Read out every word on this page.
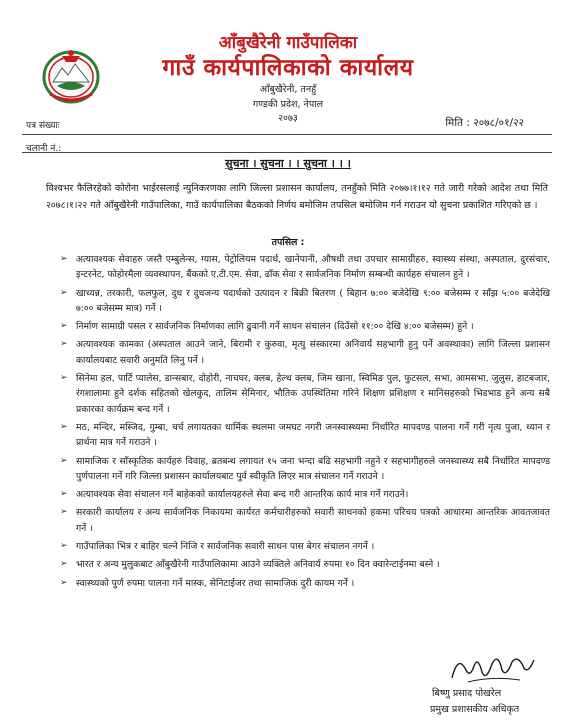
आँबुखैरेनी गाउँपालिका
गाउँ कार्यपालिकाको कार्यालय
आँबुखैरेनी, तनहुँ
गण्डकी प्रदेश, नेपाल
२०७३
पत्र संख्याः	मिति : २०७८/०१/२२
चलानी नं.:
सुचना । सुचना । । सुचना । । ।

विश्वभर फैलिरहेको कोरोना भाईरसलाई न्युनिकरणका लागि जिल्ला प्रशासन कार्यालय, तनहुँको मिति २०७७।१।१२ गते जारी गरेको आदेश तथा मिति २०७८।१।२२ गते आँबुखैरेनी गाउँपालिका, गाउँ कार्यपालिका बैठकको निर्णय बमोजिम तपसिल बमोजिम गर्न गराउन यो सुचना प्रकाशित गरिएको छ ।

तपसिल :
➢ अत्यावश्यक सेवाहरु जस्तै एम्बुलेन्स, ग्यास, पेट्रोलियम पदार्थ, खानेपानी, औषधी तथा उपचार सामाग्रीहरु, स्वास्थ्य संस्था, अस्पताल, दुरसंचार, इन्टरनेट, फोहोरमैला व्यवस्थापन, बैंकको ए.टी.एम. सेवा, ढाँक सेवा र सार्वजनिक निर्माण सम्बन्धी कार्यहरु संचालन हुने ।
➢ खाध्यन्न, तरकारी, फलफुल, दुध र दुधजन्य पदार्थको उत्पादन र बिक्री बितरण ( बिहान ७:०० बजेदेखि ९:०० बजेसम्म र साँझ ५:०० बजेदेखि ७:०० बजेसम्म मात्र) गर्ने ।
➢ निर्माण सामाग्री पसल र सार्वजनिक निर्माणका लागि ढुवानी गर्ने साधन संचालन (दिउँसो ११:०० देखि ४:०० बजेसम्म) हुने ।
➢ अत्यावश्यक कामका (अस्पताल आउने जाने, बिरामी र कुरुवा, मृत्यु संस्कारमा अनिवार्य सहभागी हुनु पर्ने अवस्थाका) लागि जिल्ला प्रशासन कार्यालयबाट सवारी अनुमति लिनु पर्ने ।
➢ सिनेमा हल, पार्टि प्यालेस, डान्सबार, दोहोरी, नाचघर, क्लब, हेल्थ क्लब, जिम खाना, स्विमिङ पुल, फुटसल, सभा, आमसभा, जुलुस, हाटबजार, रंगशालामा हुने दर्शक सहितको खेलकुद, तालिम सेमिनार, भौतिक उपस्थितिमा गरिने शिक्षण प्रशिक्षण र मानिसहरुको भिडभाड हुने अन्य सबै प्रकारका कार्यक्रम बन्द गर्ने ।
➢ मठ, मन्दिर, मस्जिद, गुम्बा, चर्च लगायतका धार्मिक स्थलमा जमघट नगरी जनस्वास्थ्यमा निर्धारित मापदण्ड पालना गर्ने गरी नृत्य पुजा, ध्यान र प्रार्थना मात्र गर्ने गराउने ।
➢ सामाजिक र साँस्कृतिक कार्यहरु विवाह, ब्रतबन्ध लगायत १५ जना भन्दा बढि सहभागी नहुने र सहभागीहरुले जनस्वास्थ्य सबै निर्धारित मापदण्ड पुर्णपालना गर्ने गरि जिल्ला प्रशासन कार्यालयबाट पुर्व स्वीकृति लिएर मात्र संचालन गर्ने गराउने ।
➢ अत्यावश्यक सेवा संचालन गर्ने बाहेकको कार्यालयहरुले सेवा बन्द गरी आन्तरिक कार्य मात्र गर्ने गराउने।
➢ सरकारी कार्यालय र अन्य सार्वजनिक निकायमा कार्यरत कर्मचारीहरुको सवारी साधनको हकमा परिचय पत्रको आधारमा आन्तरिक आवतजावत गर्ने ।
➢ गाउँपालिका भित्र र बाहिर चल्ने निजि र सार्वजनिक सवारी साधन पास बेगर संचालन नगर्ने ।
➢ भारत र अन्य मुलुकबाट आँबुखैरेनी गाउँपालिकामा आउने व्यक्तिले अनिवार्य रुपमा १० दिन क्वारेन्टाईनमा बस्ने ।
➢ स्वास्थ्यको पुर्ण रुपमा पालना गर्ने मास्क, सेनिटाईजर तथा सामाजिक दुरी कायम गर्ने ।
बिष्णु प्रसाद पोखरेल
प्रमुख प्रशासकीय अधिकृत
